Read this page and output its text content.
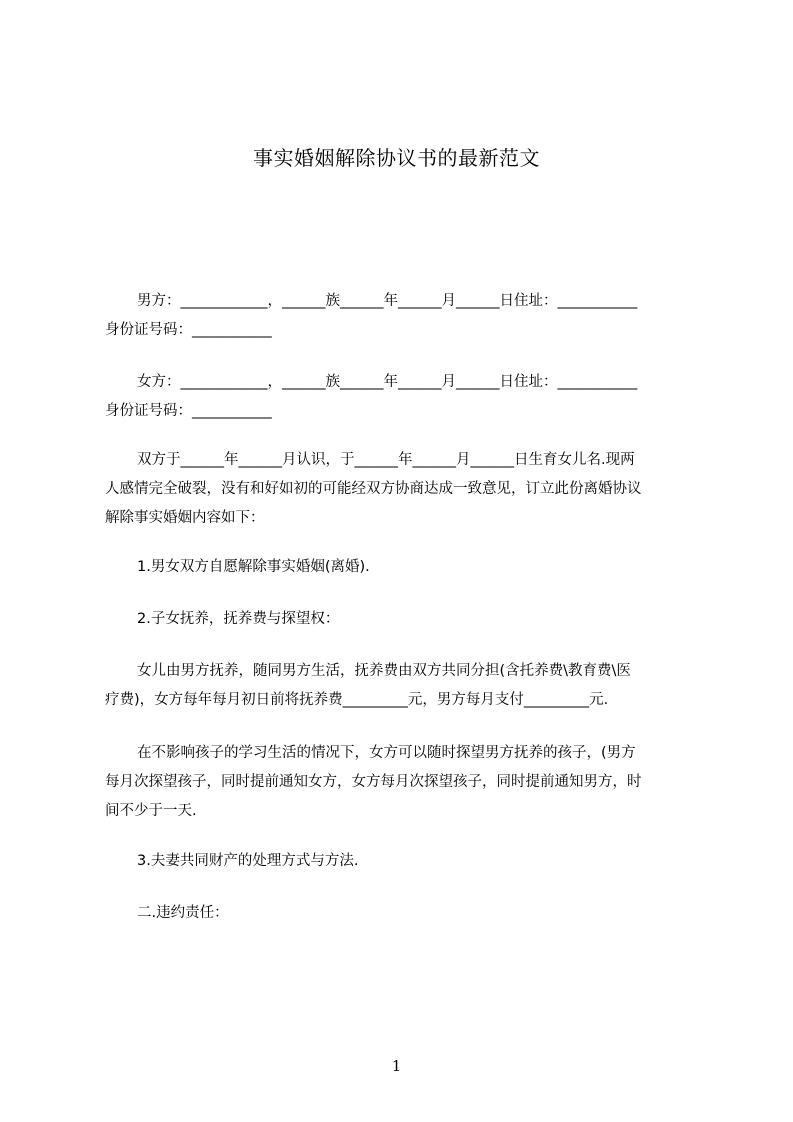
事实婚姻解除协议书的最新范文
男方：____________，______族______年______月______日住址：___________
身份证号码：___________
女方：____________，______族______年______月______日住址：___________
身份证号码：___________
双方于______年______月认识，于______年______月______日生育女儿名.现两
人感情完全破裂，没有和好如初的可能经双方协商达成一致意见，订立此份离婚协议
解除事实婚姻内容如下：
1.男女双方自愿解除事实婚姻(离婚).
2.子女抚养，抚养费与探望权：
女儿由男方抚养，随同男方生活，抚养费由双方共同分担(含托养费\教育费\医
疗费)，女方每年每月初日前将抚养费_________元，男方每月支付_________元.
在不影响孩子的学习生活的情况下，女方可以随时探望男方抚养的孩子，(男方
每月次探望孩子，同时提前通知女方，女方每月次探望孩子，同时提前通知男方，时
间不少于一天.
3.夫妻共同财产的处理方式与方法.
二.违约责任：
1
